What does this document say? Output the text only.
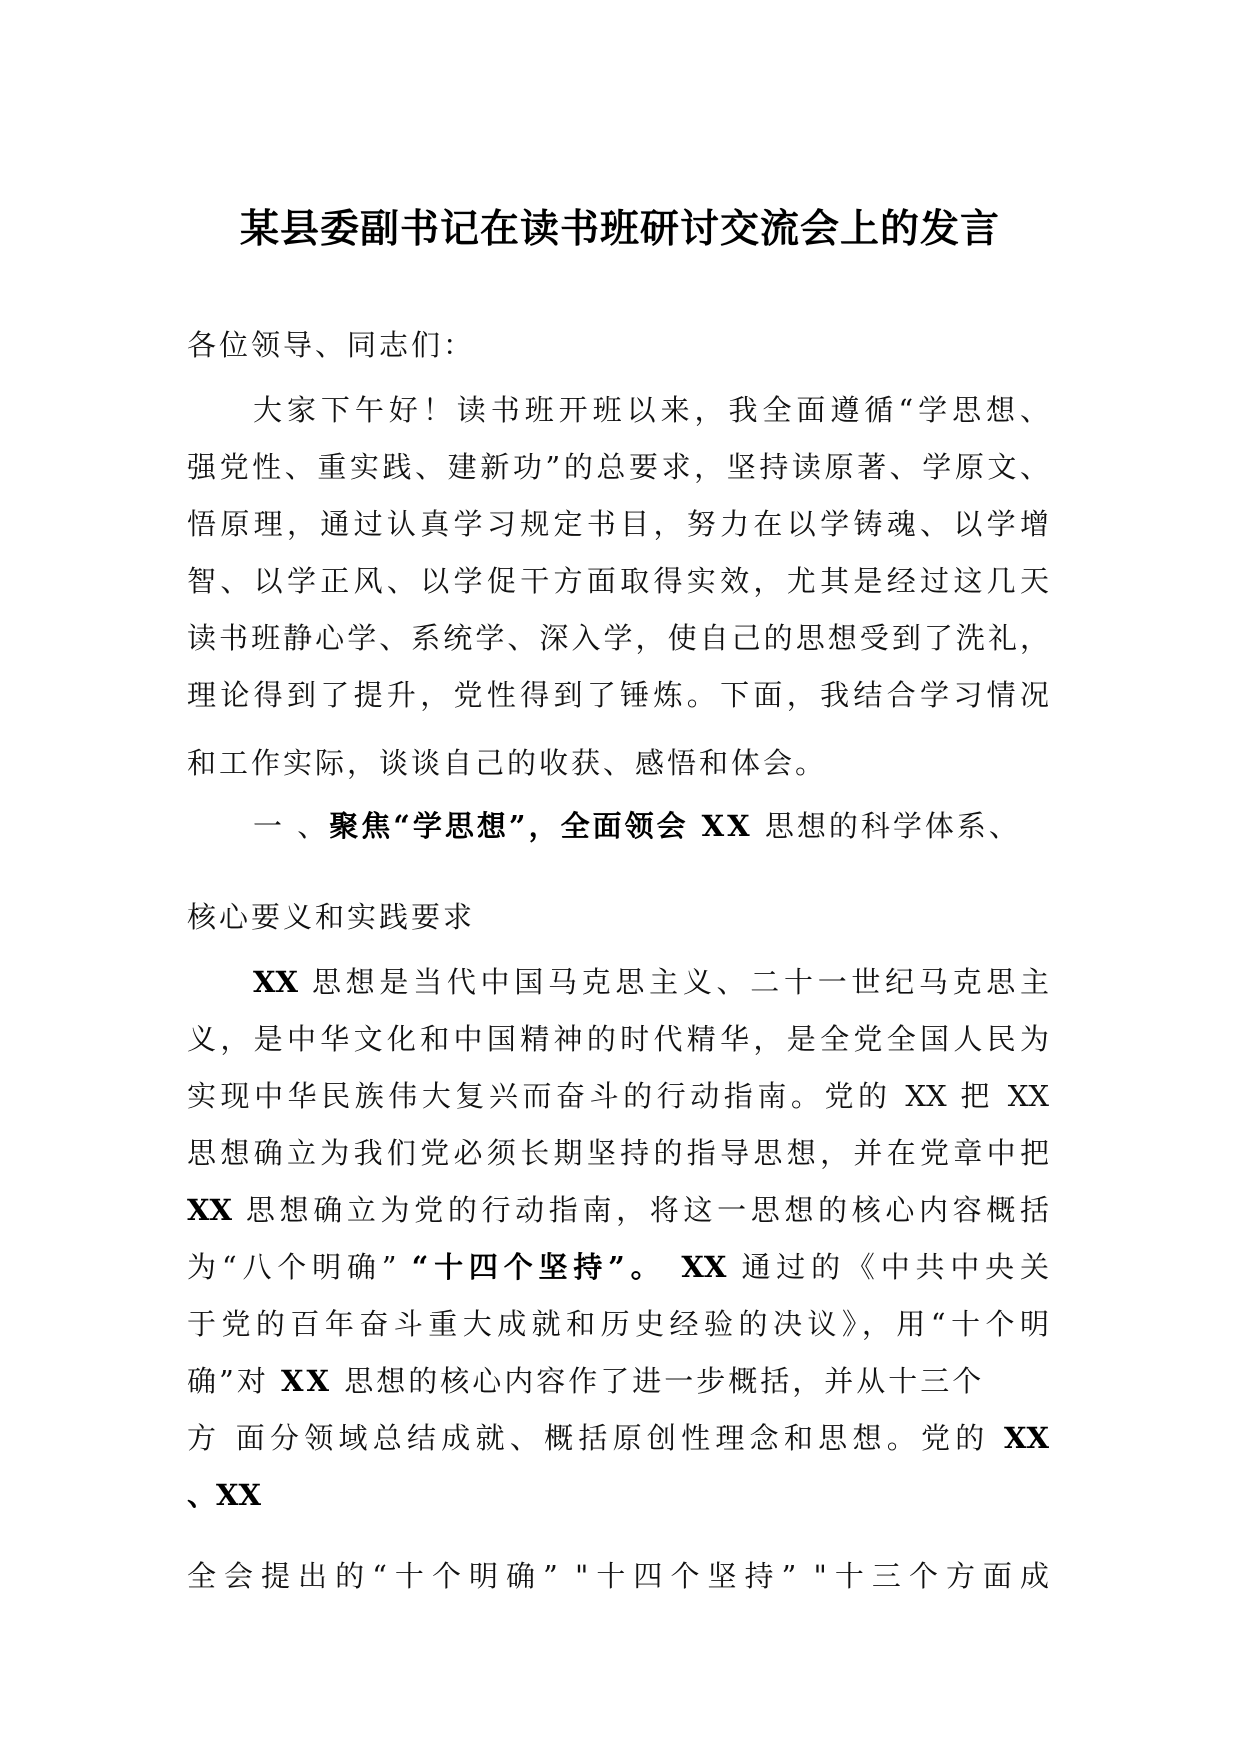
某县委副书记在读书班研讨交流会上的发言
各位领导、同志们：
大家下午好！读书班开班以来，我全面遵循“学思想、
强党性、重实践、建新功”的总要求，坚持读原著、学原文、
悟原理，通过认真学习规定书目，努力在以学铸魂、以学增
智、以学正风、以学促干方面取得实效，尤其是经过这几天
读书班静心学、系统学、深入学，使自己的思想受到了洗礼，
理论得到了提升，党性得到了锤炼。下面，我结合学习情况
和工作实际，谈谈自己的收获、感悟和体会。
一 、聚焦“学思想”，全面领会 XX 思想的科学体系、
核心要义和实践要求
XX 思想是当代中国马克思主义、二十一世纪马克思主
义，是中华文化和中国精神的时代精华，是全党全国人民为
实现中华民族伟大复兴而奋斗的行动指南。党的 XX 把 XX
思想确立为我们党必须长期坚持的指导思想，并在党章中把
XX 思想确立为党的行动指南，将这一思想的核心内容概括
为“八个明确” “十四个坚持”。 XX 通过的《中共中央关
于党的百年奋斗重大成就和历史经验的决议》，用“十个明
确”对 XX 思想的核心内容作了进一步概括，并从十三个
方 面分领域总结成就、概括原创性理念和思想。党的 XX
、XX
全会提出的“十个明确” "十四个坚持” "十三个方面成
